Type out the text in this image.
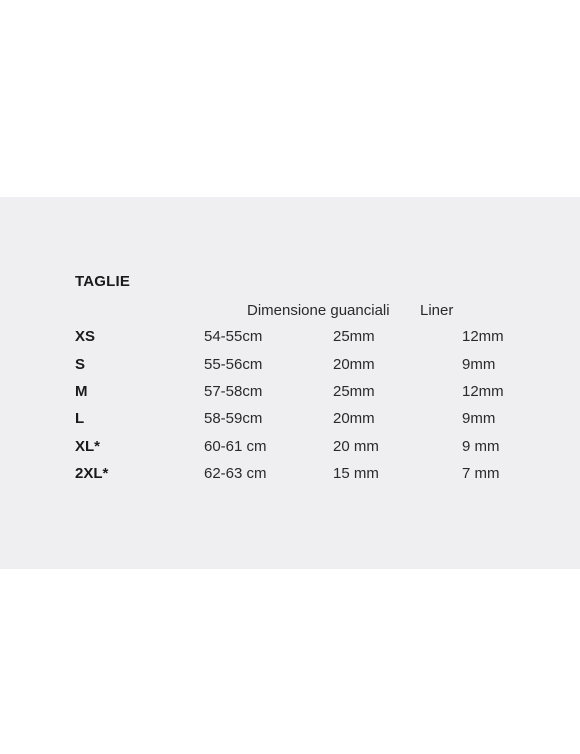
TAGLIE
Dimensione guanciali Liner
XS	54-55cm	25mm	12mm
S	55-56cm	20mm	9mm
M	57-58cm	25mm	12mm
L	58-59cm	20mm	9mm
XL*	60-61 cm	20 mm	9 mm
2XL*	62-63 cm	15 mm	7 mm
